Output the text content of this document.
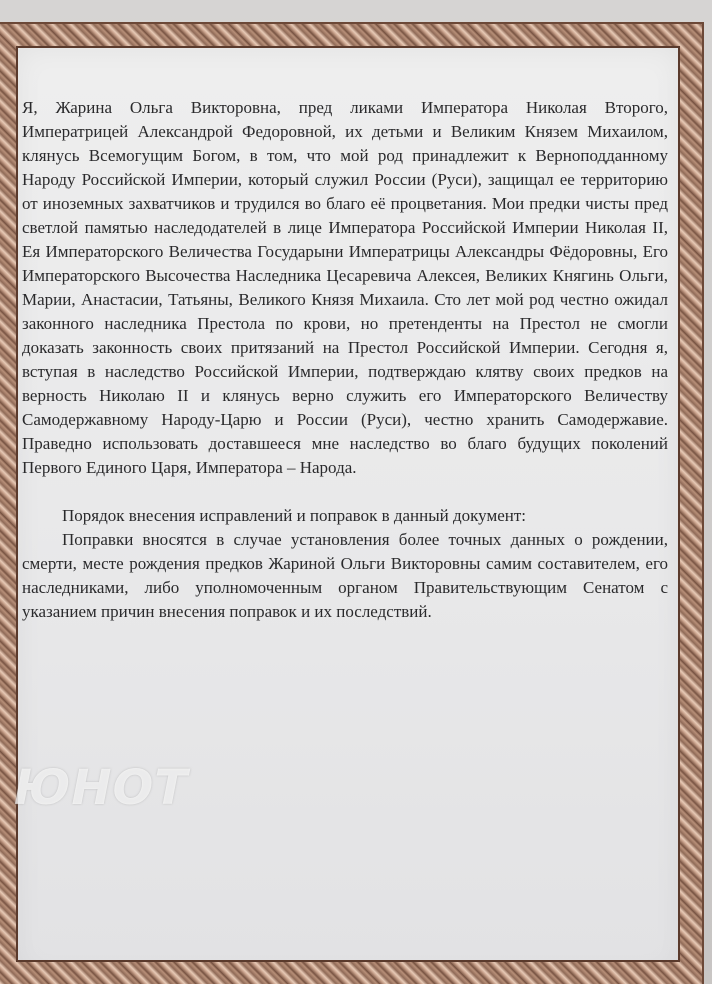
Я, Жарина Ольга Викторовна, пред ликами Императора Николая Второго, Императрицей Александрой Федоровной, их детьми и Великим Князем Михаилом, клянусь Всемогущим Богом, в том, что мой род принадлежит к Верноподданному Народу Российской Империи, который служил России (Руси), защищал ее территорию от иноземных захватчиков и трудился во благо её процветания. Мои предки чисты пред светлой памятью наследодателей в лице Императора Российской Империи Николая II, Ея Императорского Величества Государыни Императрицы Александры Фёдоровны, Его Императорского Высочества Наследника Цесаревича Алексея, Великих Княгинь Ольги, Марии, Анастасии, Татьяны, Великого Князя Михаила. Сто лет мой род честно ожидал законного наследника Престола по крови, но претенденты на Престол не смогли доказать законность своих притязаний на Престол Российской Империи. Сегодня я, вступая в наследство Российской Империи, подтверждаю клятву своих предков на верность Николаю II и клянусь верно служить его Императорского Величеству Самодержавному Народу-Царю и России (Руси), честно хранить Самодержавие. Праведно использовать доставшееся мне наследство во благо будущих поколений Первого Единого Царя, Императора – Народа.

Порядок внесения исправлений и поправок в данный документ:

Поправки вносятся в случае установления более точных данных о рождении, смерти, месте рождения предков Жариной Ольги Викторовны самим составителем, его наследниками, либо уполномоченным органом Правительствующим Сенатом с указанием причин внесения поправок и их последствий.

ЮНОТ
